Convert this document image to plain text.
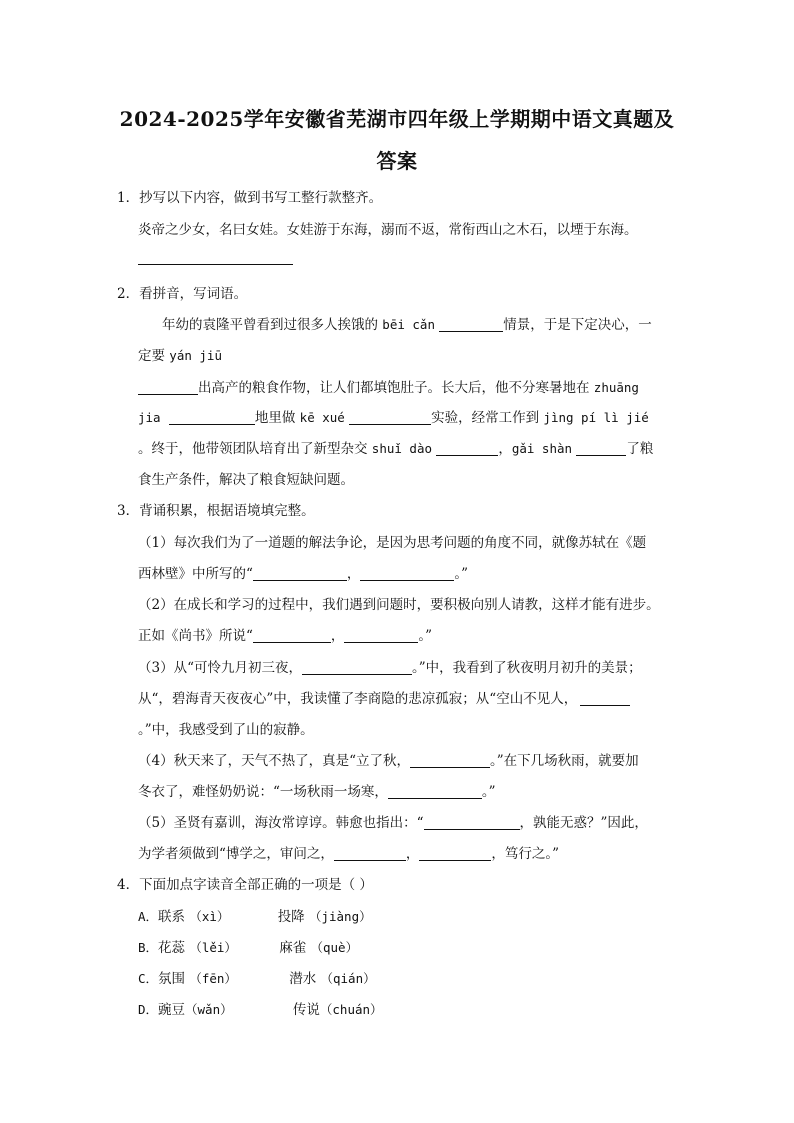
2024-2025学年安徽省芜湖市四年级上学期期中语文真题及
答案
1．抄写以下内容，做到书写工整行款整齐。
炎帝之少女，名曰女娃。女娃游于东海，溺而不返，常衔西山之木石，以堙于东海。
2．看拼音，写词语。
年幼的袁隆平曾看到过很多人挨饿的 bēi cǎn	情景，于是下定决心，一
定要 yán jiū
出高产的粮食作物，让人们都填饱肚子。长大后，他不分寒暑地在 zhuāng
jia	地里做 kē xué	实验，经常工作到 jìng pí lì jié
。终于，他带领团队培育出了新型杂交 shuǐ dào	，gǎi shàn	了粮
食生产条件，解决了粮食短缺问题。
3．背诵积累，根据语境填完整。
（1）每次我们为了一道题的解法争论，是因为思考问题的角度不同，就像苏轼在《题
西林壁》中所写的“	，	。”
（2）在成长和学习的过程中，我们遇到问题时，要积极向别人请教，这样才能有进步。
正如《尚书》所说“	，	。”
（3）从“可怜九月初三夜，	。”中，我看到了秋夜明月初升的美景；
从“，碧海青天夜夜心”中，我读懂了李商隐的悲凉孤寂；从“空山不见人，
。”中，我感受到了山的寂静。
（4）秋天来了，天气不热了，真是“立了秋，	。”在下几场秋雨，就要加
冬衣了，难怪奶奶说：“一场秋雨一场寒，	。”
（5）圣贤有嘉训，海汝常谆谆。韩愈也指出：“	，孰能无惑？”因此，
为学者须做到“博学之，审问之，	，	，笃行之。”
4．下面加点字读音全部正确的一项是（ ）
A．联系 （xì）	投降 （jiàng）
B．花蕊 （lěi）	麻雀 （què）
C．氛围 （fēn）	潜水 （qián）
D．豌豆（wǎn）	传说（chuán）
